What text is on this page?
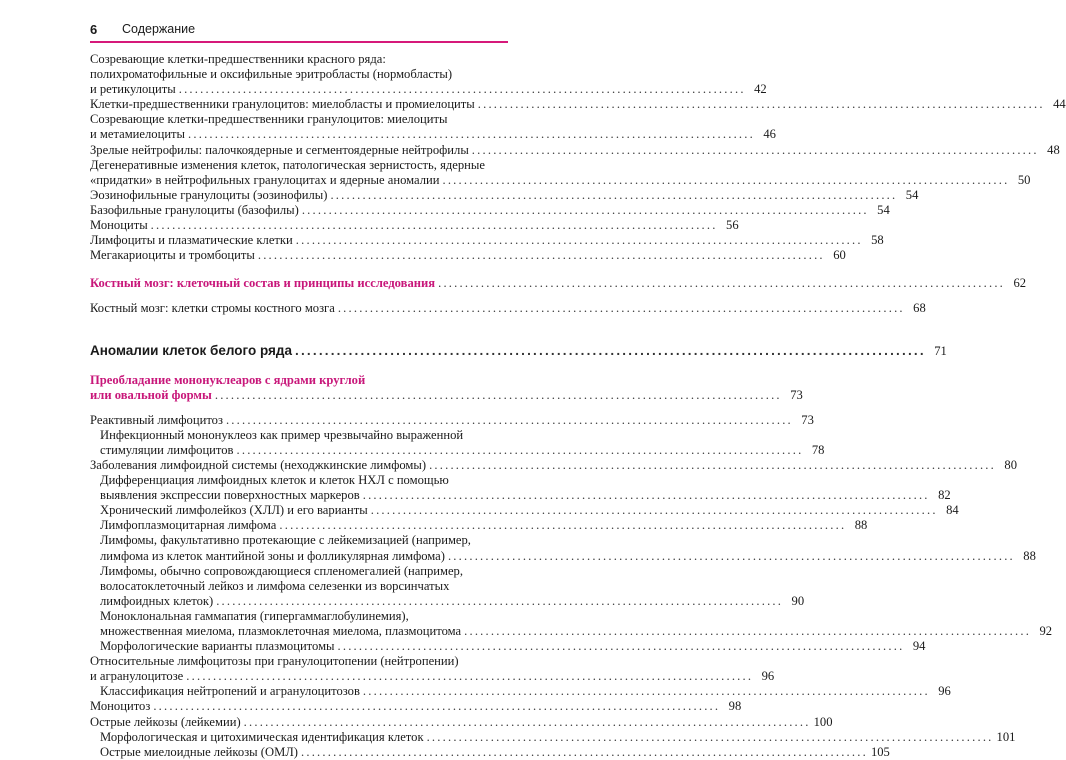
6 Содержание
Созревающие клетки-предшественники красного ряда:
полихроматофильные и оксифильные эритробласты (нормобласты)
и ретикулоциты .......................................................................................................... 42
Клетки-предшественники гранулоцитов: миелобласты и промиелоциты .......................................................................................................... 44
Созревающие клетки-предшественники гранулоцитов: миелоциты
и метамиелоциты .......................................................................................................... 46
Зрелые нейтрофилы: палочкоядерные и сегментоядерные нейтрофилы .......................................................................................................... 48
Дегенеративные изменения клеток, патологическая зернистость, ядерные
«придатки» в нейтрофильных гранулоцитах и ядерные аномалии .......................................................................................................... 50
Эозинофильные гранулоциты (эозинофилы) .......................................................................................................... 54
Базофильные гранулоциты (базофилы) .......................................................................................................... 54
Моноциты .......................................................................................................... 56
Лимфоциты и плазматические клетки .......................................................................................................... 58
Мегакариоциты и тромбоциты .......................................................................................................... 60
Костный мозг: клеточный состав и принципы исследования .......................................................................................................... 62
Костный мозг: клетки стромы костного мозга .......................................................................................................... 68
Аномалии клеток белого ряда .......................................................................................................... 71
Преобладание мононуклеаров с ядрами круглой
или овальной формы .......................................................................................................... 73
Реактивный лимфоцитоз .......................................................................................................... 73
Инфекционный мононуклеоз как пример чрезвычайно выраженной
стимуляции лимфоцитов .......................................................................................................... 78
Заболевания лимфоидной системы (неходжкинские лимфомы) .......................................................................................................... 80
Дифференциация лимфоидных клеток и клеток НХЛ с помощью
выявления экспрессии поверхностных маркеров .......................................................................................................... 82
Хронический лимфолейкоз (ХЛЛ) и его варианты .......................................................................................................... 84
Лимфоплазмоцитарная лимфома .......................................................................................................... 88
Лимфомы, факультативно протекающие с лейкемизацией (например,
лимфома из клеток мантийной зоны и фолликулярная лимфома) .......................................................................................................... 88
Лимфомы, обычно сопровождающиеся спленомегалией (например,
волосатоклеточный лейкоз и лимфома селезенки из ворсинчатых
лимфоидных клеток) .......................................................................................................... 90
Моноклональная гаммапатия (гипергаммаглобулинемия),
множественная миелома, плазмоклеточная миелома, плазмоцитома .......................................................................................................... 92
Морфологические варианты плазмоцитомы .......................................................................................................... 94
Относительные лимфоцитозы при гранулоцитопении (нейтропении)
и агранулоцитозе .......................................................................................................... 96
Классификация нейтропений и агранулоцитозов .......................................................................................................... 96
Моноцитоз .......................................................................................................... 98
Острые лейкозы (лейкемии) .......................................................................................................... 100
Морфологическая и цитохимическая идентификация клеток .......................................................................................................... 101
Острые миелоидные лейкозы (ОМЛ) .......................................................................................................... 105
